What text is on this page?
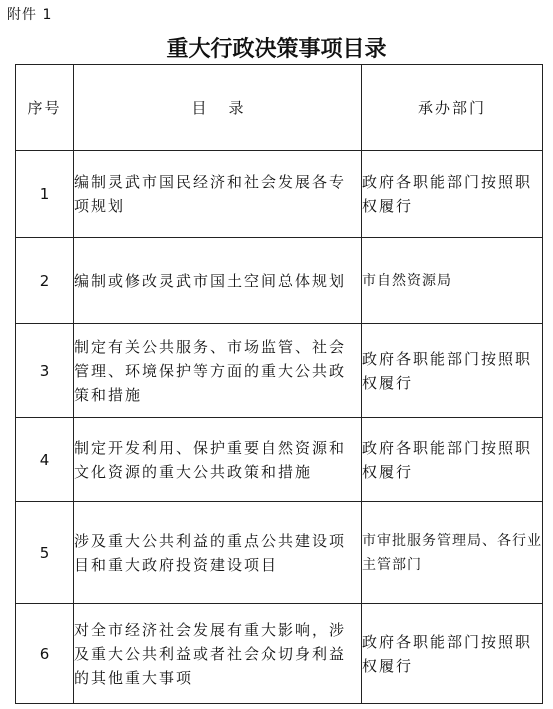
附件 1
重大行政决策事项目录
序号	目 录	承办部门
1	编制灵武市国民经济和社会发展各专项规划	政府各职能部门按照职权履行
2	编制或修改灵武市国土空间总体规划	市自然资源局
3	制定有关公共服务、市场监管、社会管理、环境保护等方面的重大公共政策和措施	政府各职能部门按照职权履行
4	制定开发利用、保护重要自然资源和文化资源的重大公共政策和措施	政府各职能部门按照职权履行
5	涉及重大公共利益的重点公共建设项目和重大政府投资建设项目	市审批服务管理局、各行业主管部门
6	对全市经济社会发展有重大影响，涉及重大公共利益或者社会众切身利益的其他重大事项	政府各职能部门按照职权履行
